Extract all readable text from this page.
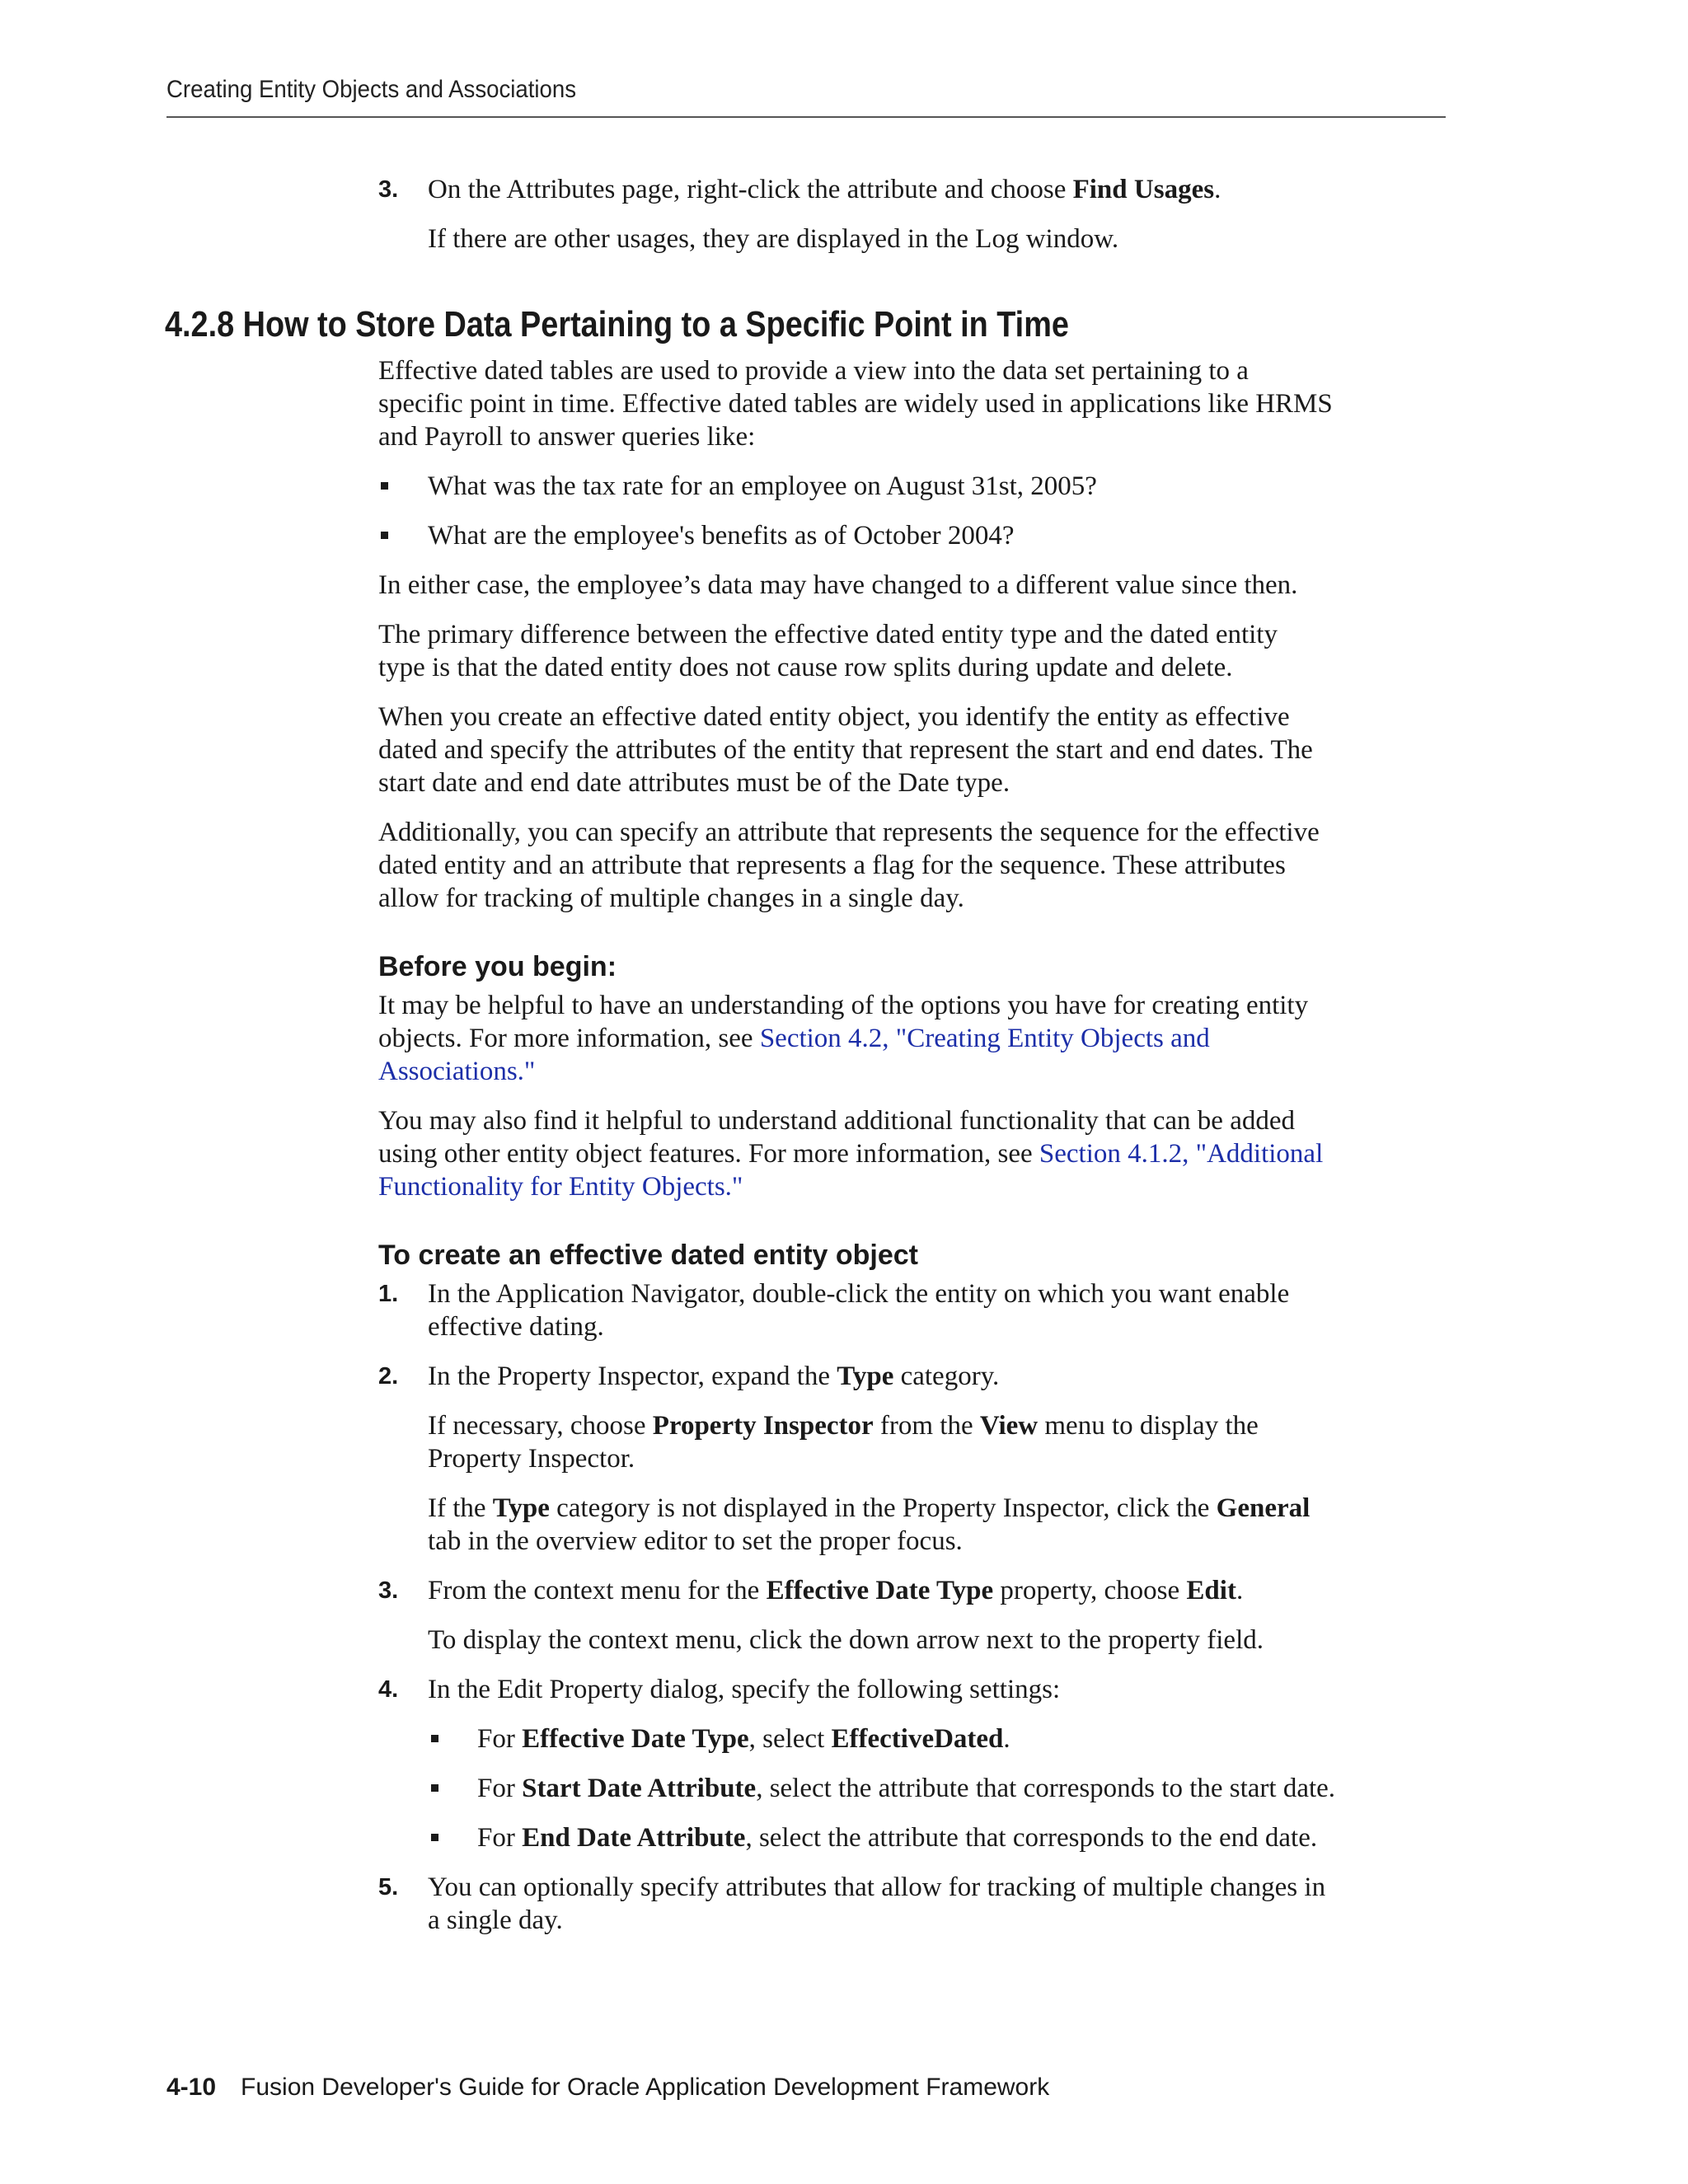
Creating Entity Objects and Associations
3. On the Attributes page, right-click the attribute and choose Find Usages.
If there are other usages, they are displayed in the Log window.
4.2.8 How to Store Data Pertaining to a Specific Point in Time
Effective dated tables are used to provide a view into the data set pertaining to a
specific point in time. Effective dated tables are widely used in applications like HRMS
and Payroll to answer queries like:
What was the tax rate for an employee on August 31st, 2005?
What are the employee's benefits as of October 2004?
In either case, the employee’s data may have changed to a different value since then.
The primary difference between the effective dated entity type and the dated entity
type is that the dated entity does not cause row splits during update and delete.
When you create an effective dated entity object, you identify the entity as effective
dated and specify the attributes of the entity that represent the start and end dates. The
start date and end date attributes must be of the Date type.
Additionally, you can specify an attribute that represents the sequence for the effective
dated entity and an attribute that represents a flag for the sequence. These attributes
allow for tracking of multiple changes in a single day.
Before you begin:
It may be helpful to have an understanding of the options you have for creating entity
objects. For more information, see Section 4.2, "Creating Entity Objects and
Associations."
You may also find it helpful to understand additional functionality that can be added
using other entity object features. For more information, see Section 4.1.2, "Additional
Functionality for Entity Objects."
To create an effective dated entity object
1. In the Application Navigator, double-click the entity on which you want enable
effective dating.
2. In the Property Inspector, expand the Type category.
If necessary, choose Property Inspector from the View menu to display the
Property Inspector.
If the Type category is not displayed in the Property Inspector, click the General
tab in the overview editor to set the proper focus.
3. From the context menu for the Effective Date Type property, choose Edit.
To display the context menu, click the down arrow next to the property field.
4. In the Edit Property dialog, specify the following settings:
For Effective Date Type, select EffectiveDated.
For Start Date Attribute, select the attribute that corresponds to the start date.
For End Date Attribute, select the attribute that corresponds to the end date.
5. You can optionally specify attributes that allow for tracking of multiple changes in
a single day.
4-10 Fusion Developer's Guide for Oracle Application Development Framework
